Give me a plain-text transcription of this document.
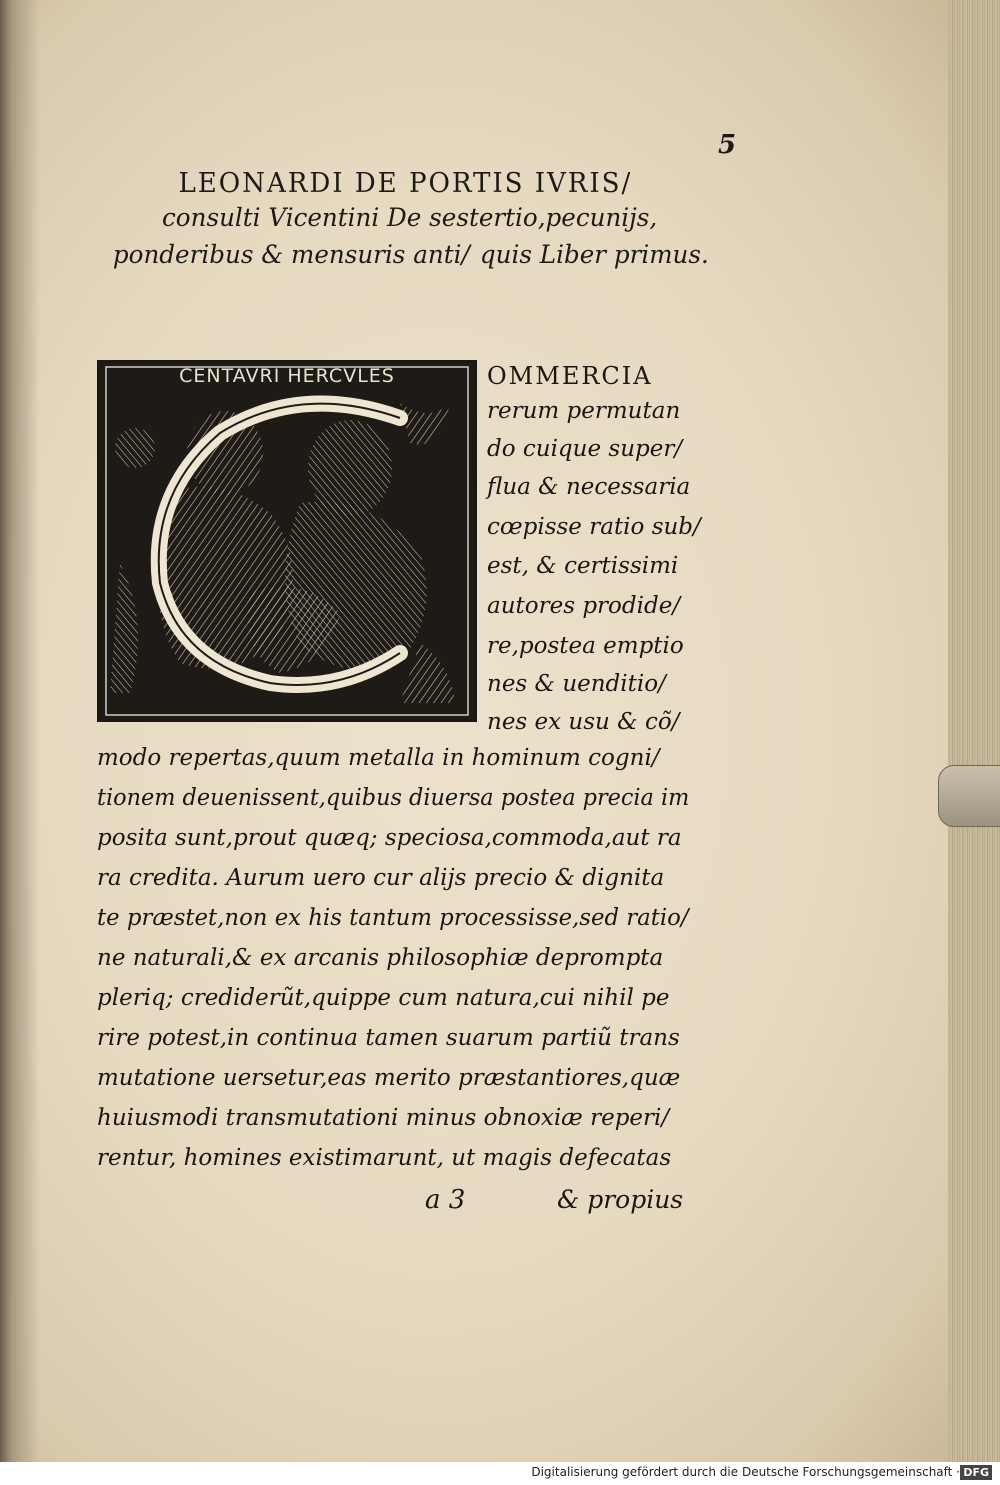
5
LEONARDI DE PORTIS IVRIS/ consulti Vicentini De sestertio,pecunijs, ponderibus & mensuris anti/ quis Liber primus.
CENTAVRI HERCVLES	OMMERCIA
rerum permutan
do cuique super/
flua & necessaria
cœpisse ratio sub/
est, & certissimi
autores prodide/
re,postea emptio
nes & uenditio/
nes ex usu & cõ/
modo repertas,quum metalla in hominum cogni/
tionem deuenissent,quibus diuersa postea precia im
posita sunt,prout quæq; speciosa,commoda,aut ra
ra credita. Aurum uero cur alijs precio & dignita
te præstet,non ex his tantum processisse,sed ratio/
ne naturali,& ex arcanis philosophiæ deprompta
pleriq; crediderũt,quippe cum natura,cui nihil pe
rire potest,in continua tamen suarum partiũ trans
mutatione uersetur,eas merito præstantiores,quæ
huiusmodi transmutationi minus obnoxiæ reperi/
rentur, homines existimarunt, ut magis defecatas
a 3	& propius
Digitalisierung gefördert durch die Deutsche Forschungsgemeinschaft · DFG
